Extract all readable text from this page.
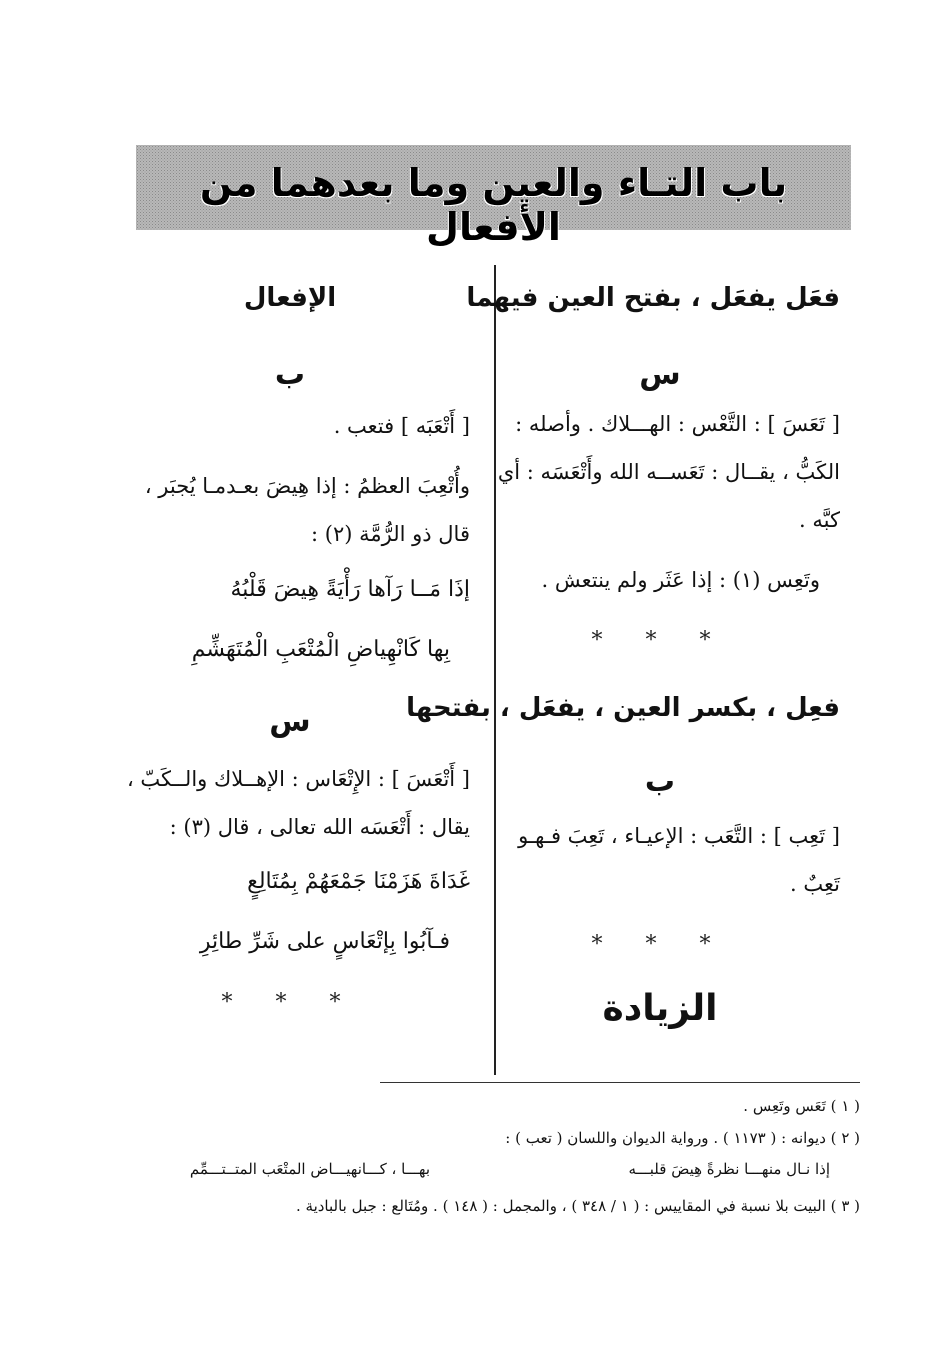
باب التـاء والعين وما بعدهما من الأفعال
فعَل يفعَل ، بفتح العين فيهما
س
[ تَعَسَ ] : التَّعْس : الهـــلاك . وأصله :
الكَبُّ ، يقــال : تَعَســه الله وأَتْعَسَه : أي
كبَّه .
وتَعِس (١) : إذا عَثَر ولم ينتعش .
* * *
فعِل ، بكسر العين ، يفعَل ، بفتحها
ب
[ تَعِب ] : التَّعَب : الإعيـاء ، تَعِبَ فـهـو
تَعِبٌ .
* * *
الزيادة
الإفعال
ب
[ أَتْعَبَه ] فتعب .
وأُتْعِبَ العظمُ : إذا هِيضَ بعـدمـا يُجبَر ،
قال ذو الرُّمَّة (٢) :
إذَا مَــا رَآها رَأْيَةً هِيضَ قَلْبُهُ
بِها كَانْهِياضِ الْمُتْعَبِ الْمُتَهَشِّمِ
س
[ أَتْعَسَ ] : الإِتْعَاس : الإهــلاك والــكَبّ ،
يقال : أَتْعَسَه الله تعالى ، قال (٣) :
غَدَاةَ هَزَمْنَا جَمْعَهُمْ بِمُتَالِعٍ
فـآبُوا بِإتْعَاسٍ على شَرِّ طائِرِ
* * *
( ١ ) تَعَس وتَعِس .
( ٢ ) ديوانه : ( ١١٧٣ ) . ورواية الديوان واللسان ( تعب ) :
إذا نـال منهـــا نظرةً هِيضَ قلبـــه
بهـــا ، كـــانهيـــاض المتْعَب المتــتـــمِّم
( ٣ ) البيت بلا نسبة في المقاييس : ( ١ / ٣٤٨ ) ، والمجمل : ( ١٤٨ ) . ومُتَالع : جبل بالبادية .
